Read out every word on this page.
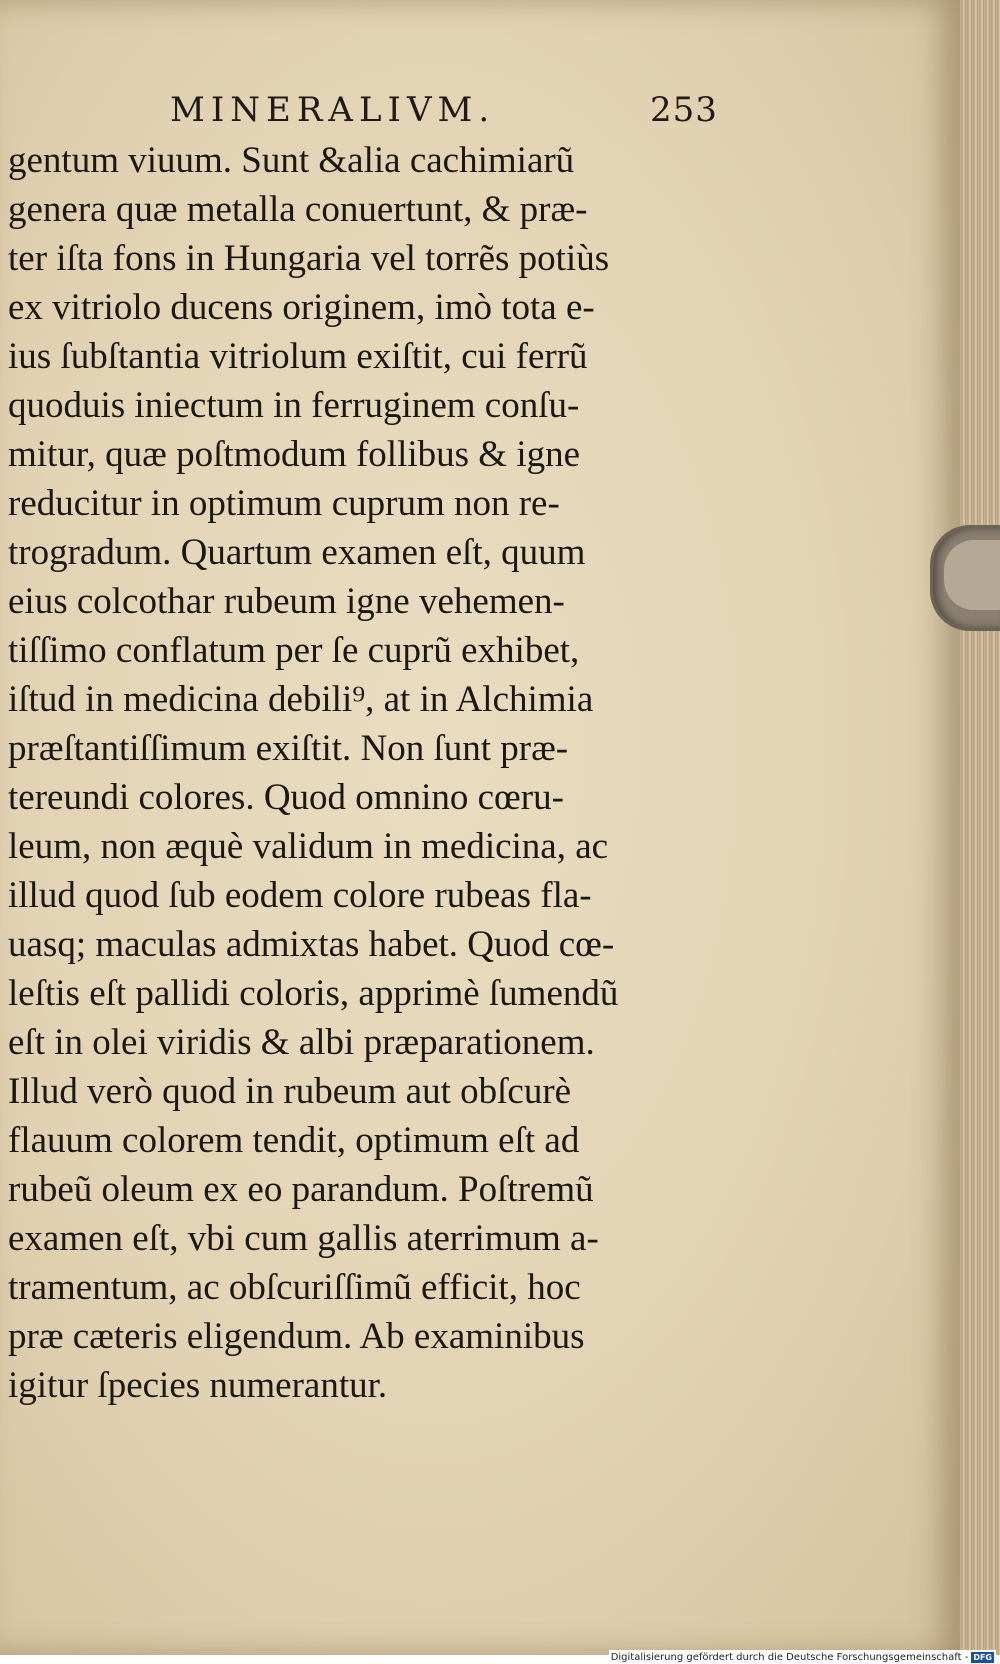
MINERALIVM.	253
gentum viuum. Sunt &alia cachimiarũ
genera quæ metalla conuertunt, & præ-
ter iſta fons in Hungaria vel torrẽs potiùs
ex vitriolo ducens originem, imò tota e-
ius ſubſtantia vitriolum exiſtit, cui ferrũ
quoduis iniectum in ferruginem conſu-
mitur, quæ poſtmodum follibus & igne
reducitur in optimum cuprum non re-
trogradum. Quartum examen eſt, quum
eius colcothar rubeum igne vehemen-
tiſſimo conflatum per ſe cuprũ exhibet,
iſtud in medicina debili⁹, at in Alchimia
præſtantiſſimum exiſtit. Non ſunt præ-
tereundi colores. Quod omnino cœru-
leum, non æquè validum in medicina, ac
illud quod ſub eodem colore rubeas fla-
uasq; maculas admixtas habet. Quod cœ-
leſtis eſt pallidi coloris, apprimè ſumendũ
eſt in olei viridis & albi præparationem.
Illud verò quod in rubeum aut obſcurè
flauum colorem tendit, optimum eſt ad
rubeũ oleum ex eo parandum. Poſtremũ
examen eſt, vbi cum gallis aterrimum a-
tramentum, ac obſcuriſſimũ efficit, hoc
præ cæteris eligendum. Ab examinibus
igitur ſpecies numerantur.
Digitalisierung gefördert durch die Deutsche Forschungsgemeinschaft - DFG
